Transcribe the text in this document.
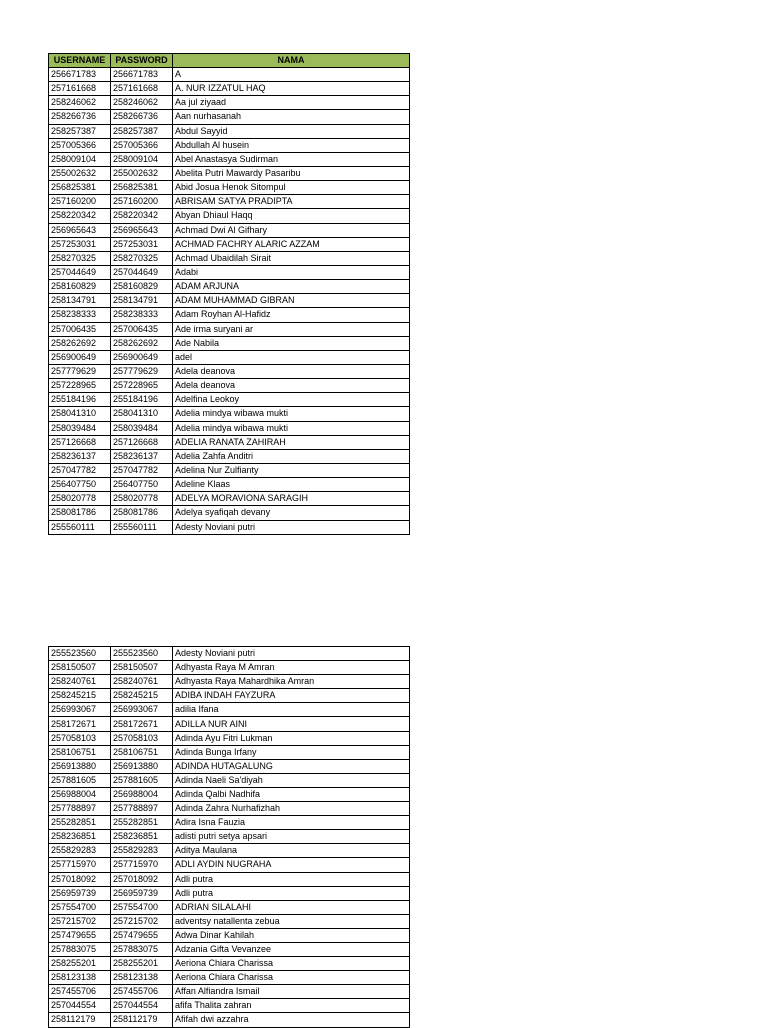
USERNAME	PASSWORD	NAMA
256671783	256671783	A
257161668	257161668	A. NUR IZZATUL HAQ
258246062	258246062	Aa jul ziyaad
258266736	258266736	Aan nurhasanah
258257387	258257387	Abdul Sayyid
257005366	257005366	Abdullah Al husein
258009104	258009104	Abel Anastasya Sudirman
255002632	255002632	Abelita Putri Mawardy Pasaribu
256825381	256825381	Abid Josua Henok Sitompul
257160200	257160200	ABRISAM SATYA PRADIPTA
258220342	258220342	Abyan Dhiaul Haqq
256965643	256965643	Achmad Dwi Al Gifhary
257253031	257253031	ACHMAD FACHRY ALARIC AZZAM
258270325	258270325	Achmad Ubaidilah Sirait
257044649	257044649	Adabi
258160829	258160829	ADAM ARJUNA
258134791	258134791	ADAM MUHAMMAD GIBRAN
258238333	258238333	Adam Royhan Al-Hafidz
257006435	257006435	Ade irma suryani ar
258262692	258262692	Ade Nabila
256900649	256900649	adel
257779629	257779629	Adela deanova
257228965	257228965	Adela deanova
255184196	255184196	Adelfina Leokoy
258041310	258041310	Adelia mindya wibawa mukti
258039484	258039484	Adelia mindya wibawa mukti
257126668	257126668	ADELIA RANATA ZAHIRAH
258236137	258236137	Adelia Zahfa Anditri
257047782	257047782	Adelina Nur Zulfianty
256407750	256407750	Adeline Klaas
258020778	258020778	ADELYA MORAVIONA SARAGIH
258081786	258081786	Adelya syafiqah devany
255560111	255560111	Adesty Noviani putri
255523560	255523560	Adesty Noviani putri
258150507	258150507	Adhyasta Raya M Amran
258240761	258240761	Adhyasta Raya Mahardhika Amran
258245215	258245215	ADIBA INDAH FAYZURA
256993067	256993067	adilia Ifana
258172671	258172671	ADILLA NUR AINI
257058103	257058103	Adinda Ayu Fitri Lukman
258106751	258106751	Adinda Bunga Irfany
256913880	256913880	ADINDA HUTAGALUNG
257881605	257881605	Adinda Naeli Sa'diyah
256988004	256988004	Adinda Qalbi Nadhifa
257788897	257788897	Adinda Zahra Nurhafizhah
255282851	255282851	Adira Isna Fauzia
258236851	258236851	adisti putri setya apsari
255829283	255829283	Aditya Maulana
257715970	257715970	ADLI AYDIN NUGRAHA
257018092	257018092	Adli putra
256959739	256959739	Adli putra
257554700	257554700	ADRIAN SILALAHI
257215702	257215702	adventsy natallenta zebua
257479655	257479655	Adwa Dinar Kahilah
257883075	257883075	Adzania Gifta Vevanzee
258255201	258255201	Aeriona Chiara Charissa
258123138	258123138	Aeriona Chiara Charissa
257455706	257455706	Affan Alfiandra Ismail
257044554	257044554	afifa Thalita zahran
258112179	258112179	Afifah dwi azzahra
